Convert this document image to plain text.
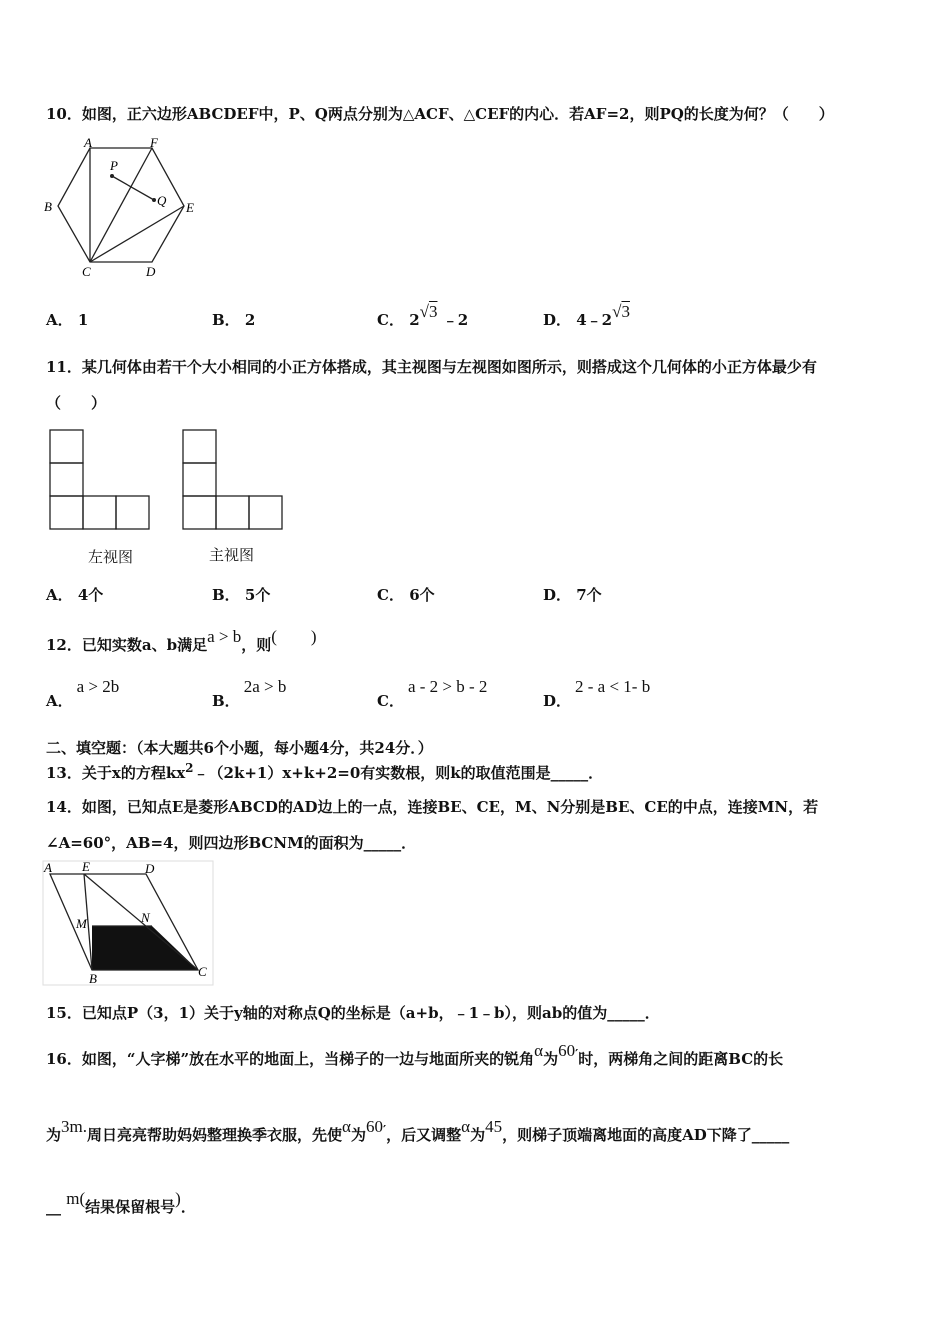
10．如图，正六边形ABCDEF中，P、Q两点分别为△ACF、△CEF的内心．若AF=2，则PQ的长度为何？（　　）
A	F
B	E
C	D
P
Q
A． 1	B． 2	C． 2√3 ﹣2	D． 4﹣2√3
11．某几何体由若干个大小相同的小正方体搭成，其主视图与左视图如图所示，则搭成这个几何体的小正方体最少有
（　　）
左视图	主视图
A． 4个	B． 5个	C． 6个	D． 7个
12．已知实数a、b满足a > b，则(　　)
A．a > 2b
B．2a > b
C．a - 2 > b - 2
D．2 - a < 1- b
二、填空题：（本大题共6个小题，每小题4分，共24分．）
13．关于x的方程$kx^2﹣(2k+1)x+k+2=0$有实数根，则k的取值范围是_____．
14．如图，已知点E是菱形ABCD的AD边上的一点，连接BE、CE，M、N分别是BE、CE的中点，连接MN，若
∠A=60°，AB=4，则四边形BCNM的面积为_____．
A E	D
M	N
B	C
15．已知点P（3，1）关于y轴的对称点Q的坐标是（a+b，﹣1﹣b），则ab的值为_____．
16．如图，“人字梯”放在水平的地面上，当梯子的一边与地面所夹的锐角α为60′时，两梯角之间的距离BC的长
为3m.周日亮亮帮助妈妈整理换季衣服，先使α为60′，后又调整α为45，则梯子顶端离地面的高度AD下降了_____
__ m(结果保留根号)．
